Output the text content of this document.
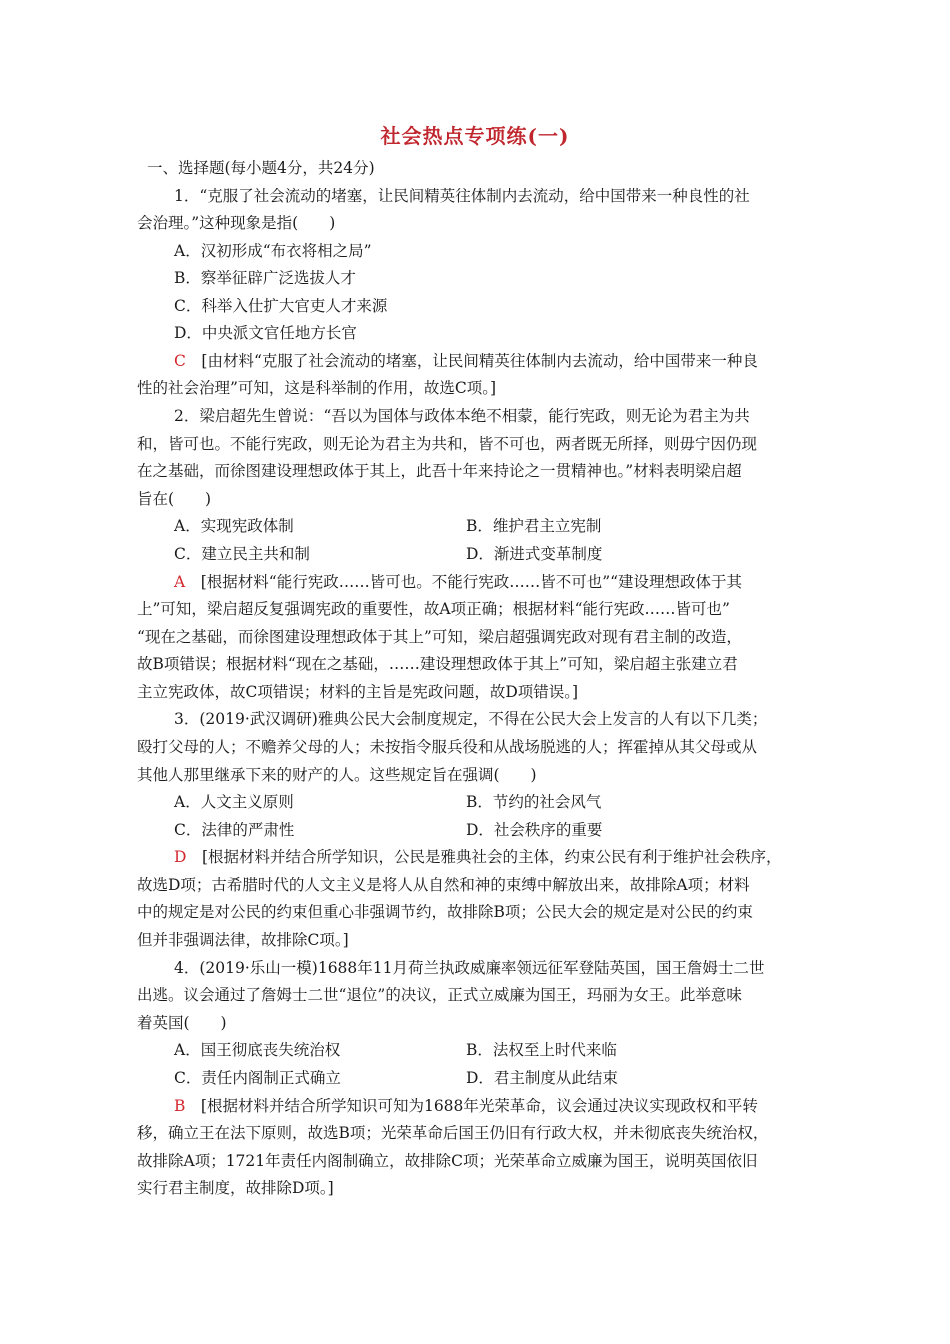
社会热点专项练(一)
一、选择题(每小题4分，共24分)
1．“克服了社会流动的堵塞，让民间精英往体制内去流动，给中国带来一种良性的社
会治理。”这种现象是指(　　)
A．汉初形成“布衣将相之局”
B．察举征辟广泛选拔人才
C．科举入仕扩大官吏人才来源
D．中央派文官任地方长官
C　 [由材料“克服了社会流动的堵塞，让民间精英往体制内去流动，给中国带来一种良
性的社会治理”可知，这是科举制的作用，故选C项。]
2．梁启超先生曾说：“吾以为国体与政体本绝不相蒙，能行宪政，则无论为君主为共
和，皆可也。不能行宪政，则无论为君主为共和，皆不可也，两者既无所择，则毋宁因仍现
在之基础，而徐图建设理想政体于其上，此吾十年来持论之一贯精神也。”材料表明梁启超
旨在(　　)
A．实现宪政体制	B．维护君主立宪制
C．建立民主共和制	D．渐进式变革制度
A　 [根据材料“能行宪政……皆可也。不能行宪政……皆不可也”“建设理想政体于其
上”可知，梁启超反复强调宪政的重要性，故A项正确；根据材料“能行宪政……皆可也”
“现在之基础，而徐图建设理想政体于其上”可知，梁启超强调宪政对现有君主制的改造，
故B项错误；根据材料“现在之基础，……建设理想政体于其上”可知，梁启超主张建立君
主立宪政体，故C项错误；材料的主旨是宪政问题，故D项错误。]
3．(2019·武汉调研)雅典公民大会制度规定，不得在公民大会上发言的人有以下几类；
殴打父母的人；不赡养父母的人；未按指令服兵役和从战场脱逃的人；挥霍掉从其父母或从
其他人那里继承下来的财产的人。这些规定旨在强调(　　)
A．人文主义原则	B．节约的社会风气
C．法律的严肃性	D．社会秩序的重要
D　 [根据材料并结合所学知识，公民是雅典社会的主体，约束公民有利于维护社会秩序，
故选D项；古希腊时代的人文主义是将人从自然和神的束缚中解放出来，故排除A项；材料
中的规定是对公民的约束但重心非强调节约，故排除B项；公民大会的规定是对公民的约束
但并非强调法律，故排除C项。]
4．(2019·乐山一模)1688年11月荷兰执政威廉率领远征军登陆英国，国王詹姆士二世
出逃。议会通过了詹姆士二世“退位”的决议，正式立威廉为国王，玛丽为女王。此举意味
着英国(　　)
A．国王彻底丧失统治权	B．法权至上时代来临
C．责任内阁制正式确立	D．君主制度从此结束
B　 [根据材料并结合所学知识可知为1688年光荣革命，议会通过决议实现政权和平转
移，确立王在法下原则，故选B项；光荣革命后国王仍旧有行政大权，并未彻底丧失统治权，
故排除A项；1721年责任内阁制确立，故排除C项；光荣革命立威廉为国王，说明英国依旧
实行君主制度，故排除D项。]
